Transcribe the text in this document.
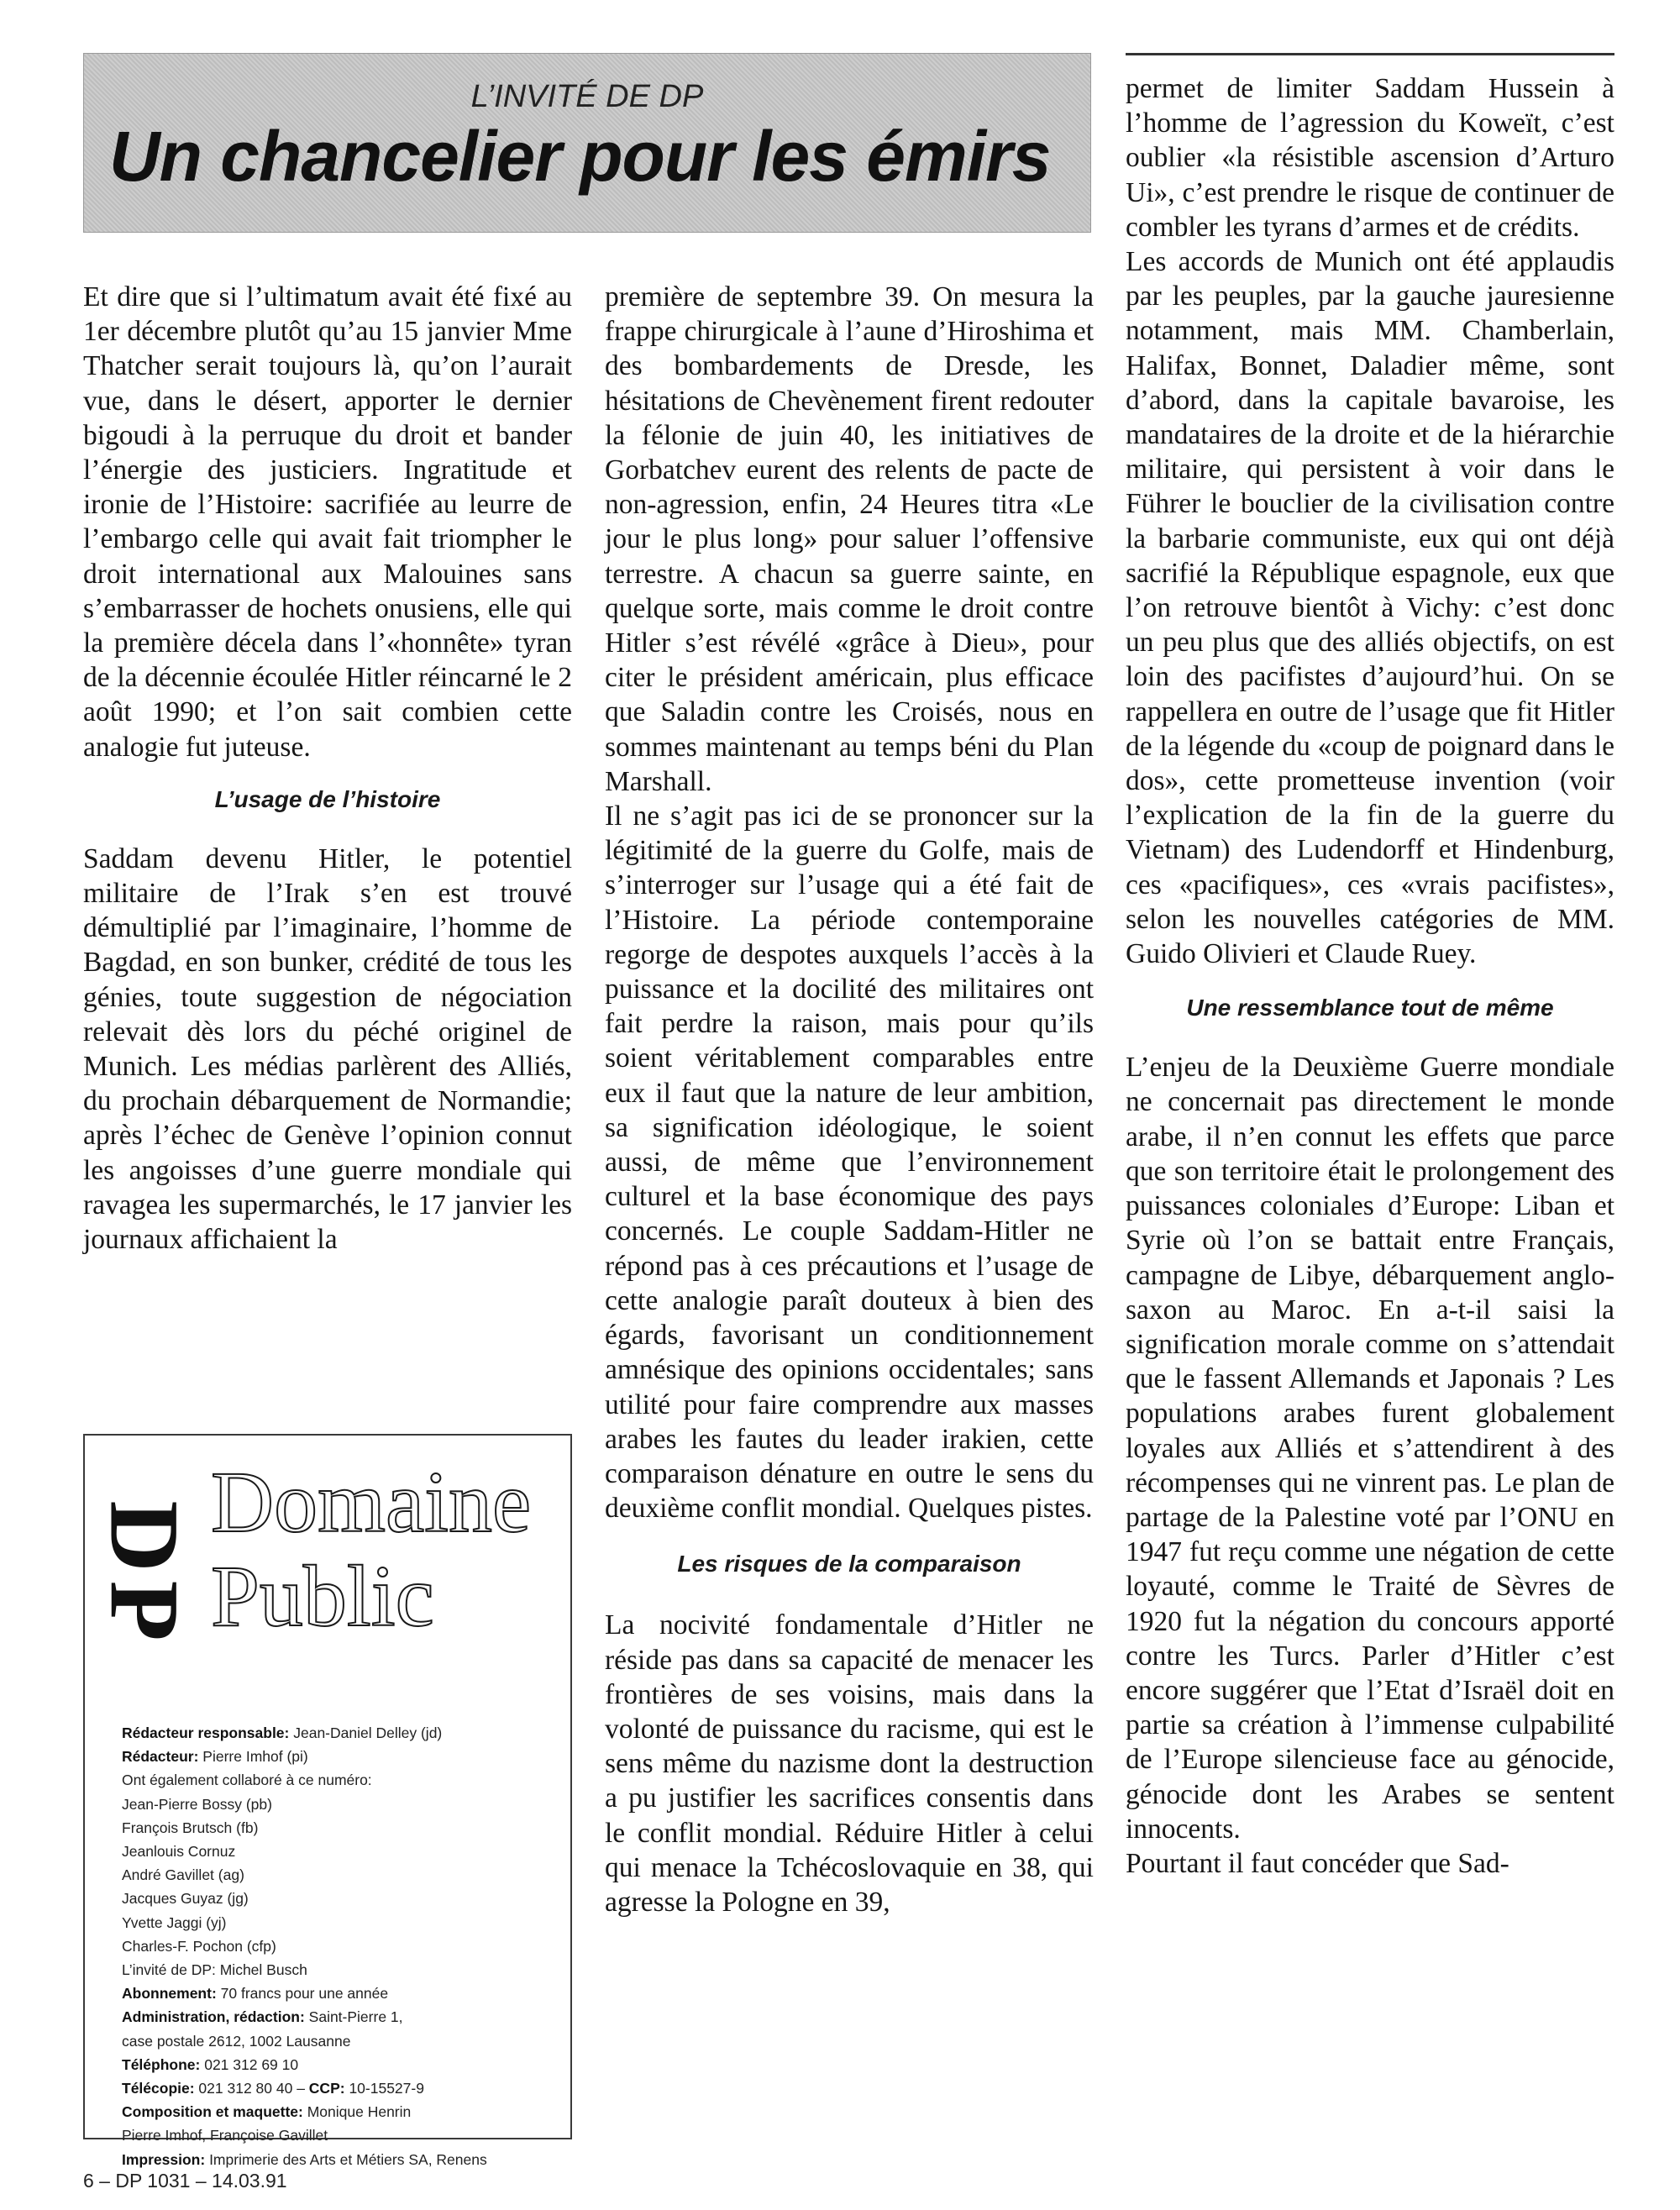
L’INVITÉ DE DP
Un chancelier pour les émirs

Et dire que si l’ultimatum avait été fixé au 1er décembre plutôt qu’au 15 janvier Mme Thatcher serait toujours là, qu’on l’aurait vue, dans le désert, apporter le dernier bigoudi à la perruque du droit et bander l’énergie des justiciers. Ingratitude et ironie de l’Histoire: sacrifiée au leurre de l’embargo celle qui avait fait triompher le droit international aux Malouines sans s’embarrasser de hochets onusiens, elle qui la première décela dans l’«honnête» tyran de la décennie écoulée Hitler réincarné le 2 août 1990; et l’on sait combien cette analogie fut juteuse.

L’usage de l’histoire

Saddam devenu Hitler, le potentiel militaire de l’Irak s’en est trouvé démultiplié par l’imaginaire, l’homme de Bagdad, en son bunker, crédité de tous les génies, toute suggestion de négociation relevait dès lors du péché originel de Munich. Les médias parlèrent des Alliés, du prochain débarquement de Normandie; après l’échec de Genève l’opinion connut les angoisses d’une guerre mondiale qui ravagea les supermarchés, le 17 janvier les journaux affichaient la

première de septembre 39. On mesura la frappe chirurgicale à l’aune d’Hiroshima et des bombardements de Dresde, les hésitations de Chevènement firent redouter la félonie de juin 40, les initiatives de Gorbatchev eurent des relents de pacte de non-agression, enfin, 24 Heures titra «Le jour le plus long» pour saluer l’offensive terrestre. A chacun sa guerre sainte, en quelque sorte, mais comme le droit contre Hitler s’est révélé «grâce à Dieu», pour citer le président américain, plus efficace que Saladin contre les Croisés, nous en sommes maintenant au temps béni du Plan Marshall.

Il ne s’agit pas ici de se prononcer sur la légitimité de la guerre du Golfe, mais de s’interroger sur l’usage qui a été fait de l’Histoire. La période contemporaine regorge de despotes auxquels l’accès à la puissance et la docilité des militaires ont fait perdre la raison, mais pour qu’ils soient véritablement comparables entre eux il faut que la nature de leur ambition, sa signification idéologique, le soient aussi, de même que l’environnement culturel et la base économique des pays concernés. Le couple Saddam-Hitler ne répond pas à ces précautions et l’usage de cette analogie paraît douteux à bien des égards, favorisant un conditionnement amnésique des opinions occidentales; sans utilité pour faire comprendre aux masses arabes les fautes du leader irakien, cette comparaison dénature en outre le sens du deuxième conflit mondial. Quelques pistes.

Les risques de la comparaison

La nocivité fondamentale d’Hitler ne réside pas dans sa capacité de menacer les frontières de ses voisins, mais dans la volonté de puissance du racisme, qui est le sens même du nazisme dont la destruction a pu justifier les sacrifices consentis dans le conflit mondial. Réduire Hitler à celui qui menace la Tchécoslovaquie en 38, qui agresse la Pologne en 39,

permet de limiter Saddam Hussein à l’homme de l’agression du Koweït, c’est oublier «la résistible ascension d’Arturo Ui», c’est prendre le risque de continuer de combler les tyrans d’armes et de crédits.

Les accords de Munich ont été applaudis par les peuples, par la gauche jauresienne notamment, mais MM. Chamberlain, Halifax, Bonnet, Daladier même, sont d’abord, dans la capitale bavaroise, les mandataires de la droite et de la hiérarchie militaire, qui persistent à voir dans le Führer le bouclier de la civilisation contre la barbarie communiste, eux qui ont déjà sacrifié la République espagnole, eux que l’on retrouve bientôt à Vichy: c’est donc un peu plus que des alliés objectifs, on est loin des pacifistes d’aujourd’hui. On se rappellera en outre de l’usage que fit Hitler de la légende du «coup de poignard dans le dos», cette prometteuse invention (voir l’explication de la fin de la guerre du Vietnam) des Ludendorff et Hindenburg, ces «pacifiques», ces «vrais pacifistes», selon les nouvelles catégories de MM. Guido Olivieri et Claude Ruey.

Une ressemblance tout de même

L’enjeu de la Deuxième Guerre mondiale ne concernait pas directement le monde arabe, il n’en connut les effets que parce que son territoire était le prolongement des puissances coloniales d’Europe: Liban et Syrie où l’on se battait entre Français, campagne de Libye, débarquement anglo-saxon au Maroc. En a-t-il saisi la signification morale comme on s’attendait que le fassent Allemands et Japonais ? Les populations arabes furent globalement loyales aux Alliés et s’attendirent à des récompenses qui ne vinrent pas. Le plan de partage de la Palestine voté par l’ONU en 1947 fut reçu comme une négation de cette loyauté, comme le Traité de Sèvres de 1920 fut la négation du concours apporté contre les Turcs. Parler d’Hitler c’est encore suggérer que l’Etat d’Israël doit en partie sa création à l’immense culpabilité de l’Europe silencieuse face au génocide, génocide dont les Arabes se sentent innocents.

Pourtant il faut concéder que Sad-

DP Domaine
Public
Rédacteur responsable: Jean-Daniel Delley (jd)
Rédacteur: Pierre Imhof (pi)
Ont également collaboré à ce numéro:
Jean-Pierre Bossy (pb)
François Brutsch (fb)
Jeanlouis Cornuz
André Gavillet (ag)
Jacques Guyaz (jg)
Yvette Jaggi (yj)
Charles-F. Pochon (cfp)
L’invité de DP: Michel Busch
Abonnement: 70 francs pour une année
Administration, rédaction: Saint-Pierre 1,
case postale 2612, 1002 Lausanne
Téléphone: 021 312 69 10
Télécopie: 021 312 80 40 – CCP: 10-15527-9
Composition et maquette: Monique Henrin
Pierre Imhof, Françoise Gavillet
Impression: Imprimerie des Arts et Métiers SA, Renens
6 – DP 1031 – 14.03.91
